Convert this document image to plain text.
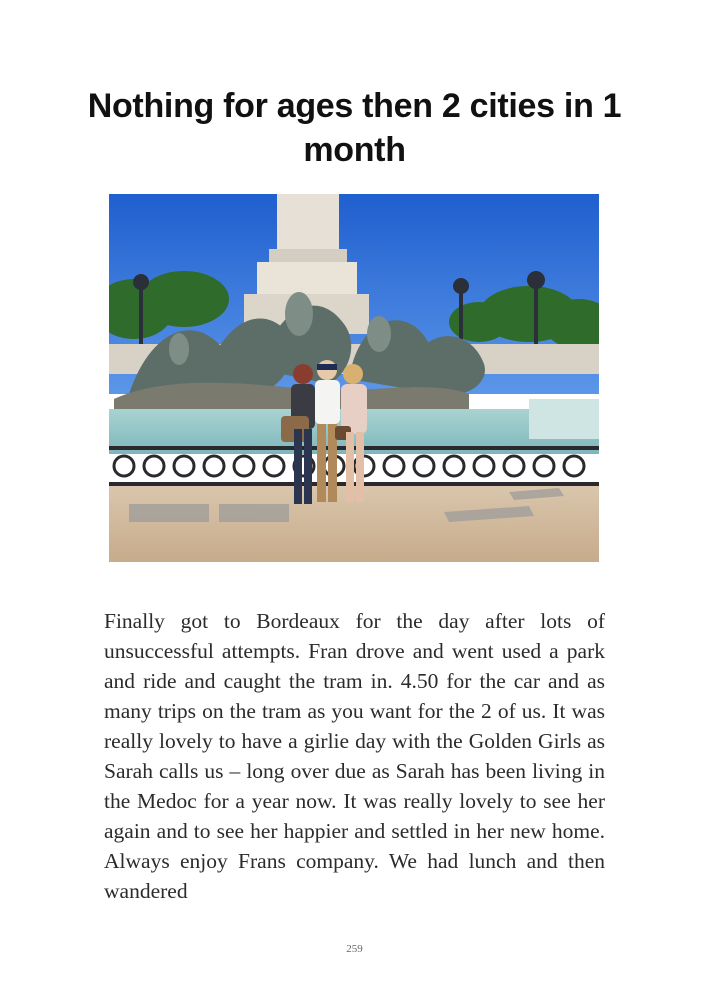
Nothing for ages then 2 cities in 1 month

Finally got to Bordeaux for the day after lots of unsuccessful attempts. Fran drove and went used a park and ride and caught the tram in. 4.50 for the car and as many trips on the tram as you want for the 2 of us. It was really lovely to have a girlie day with the Golden Girls as Sarah calls us – long over due as Sarah has been living in the Medoc for a year now. It was really lovely to see her again and to see her happier and settled in her new home. Always enjoy Frans company. We had lunch and then wandered

259
